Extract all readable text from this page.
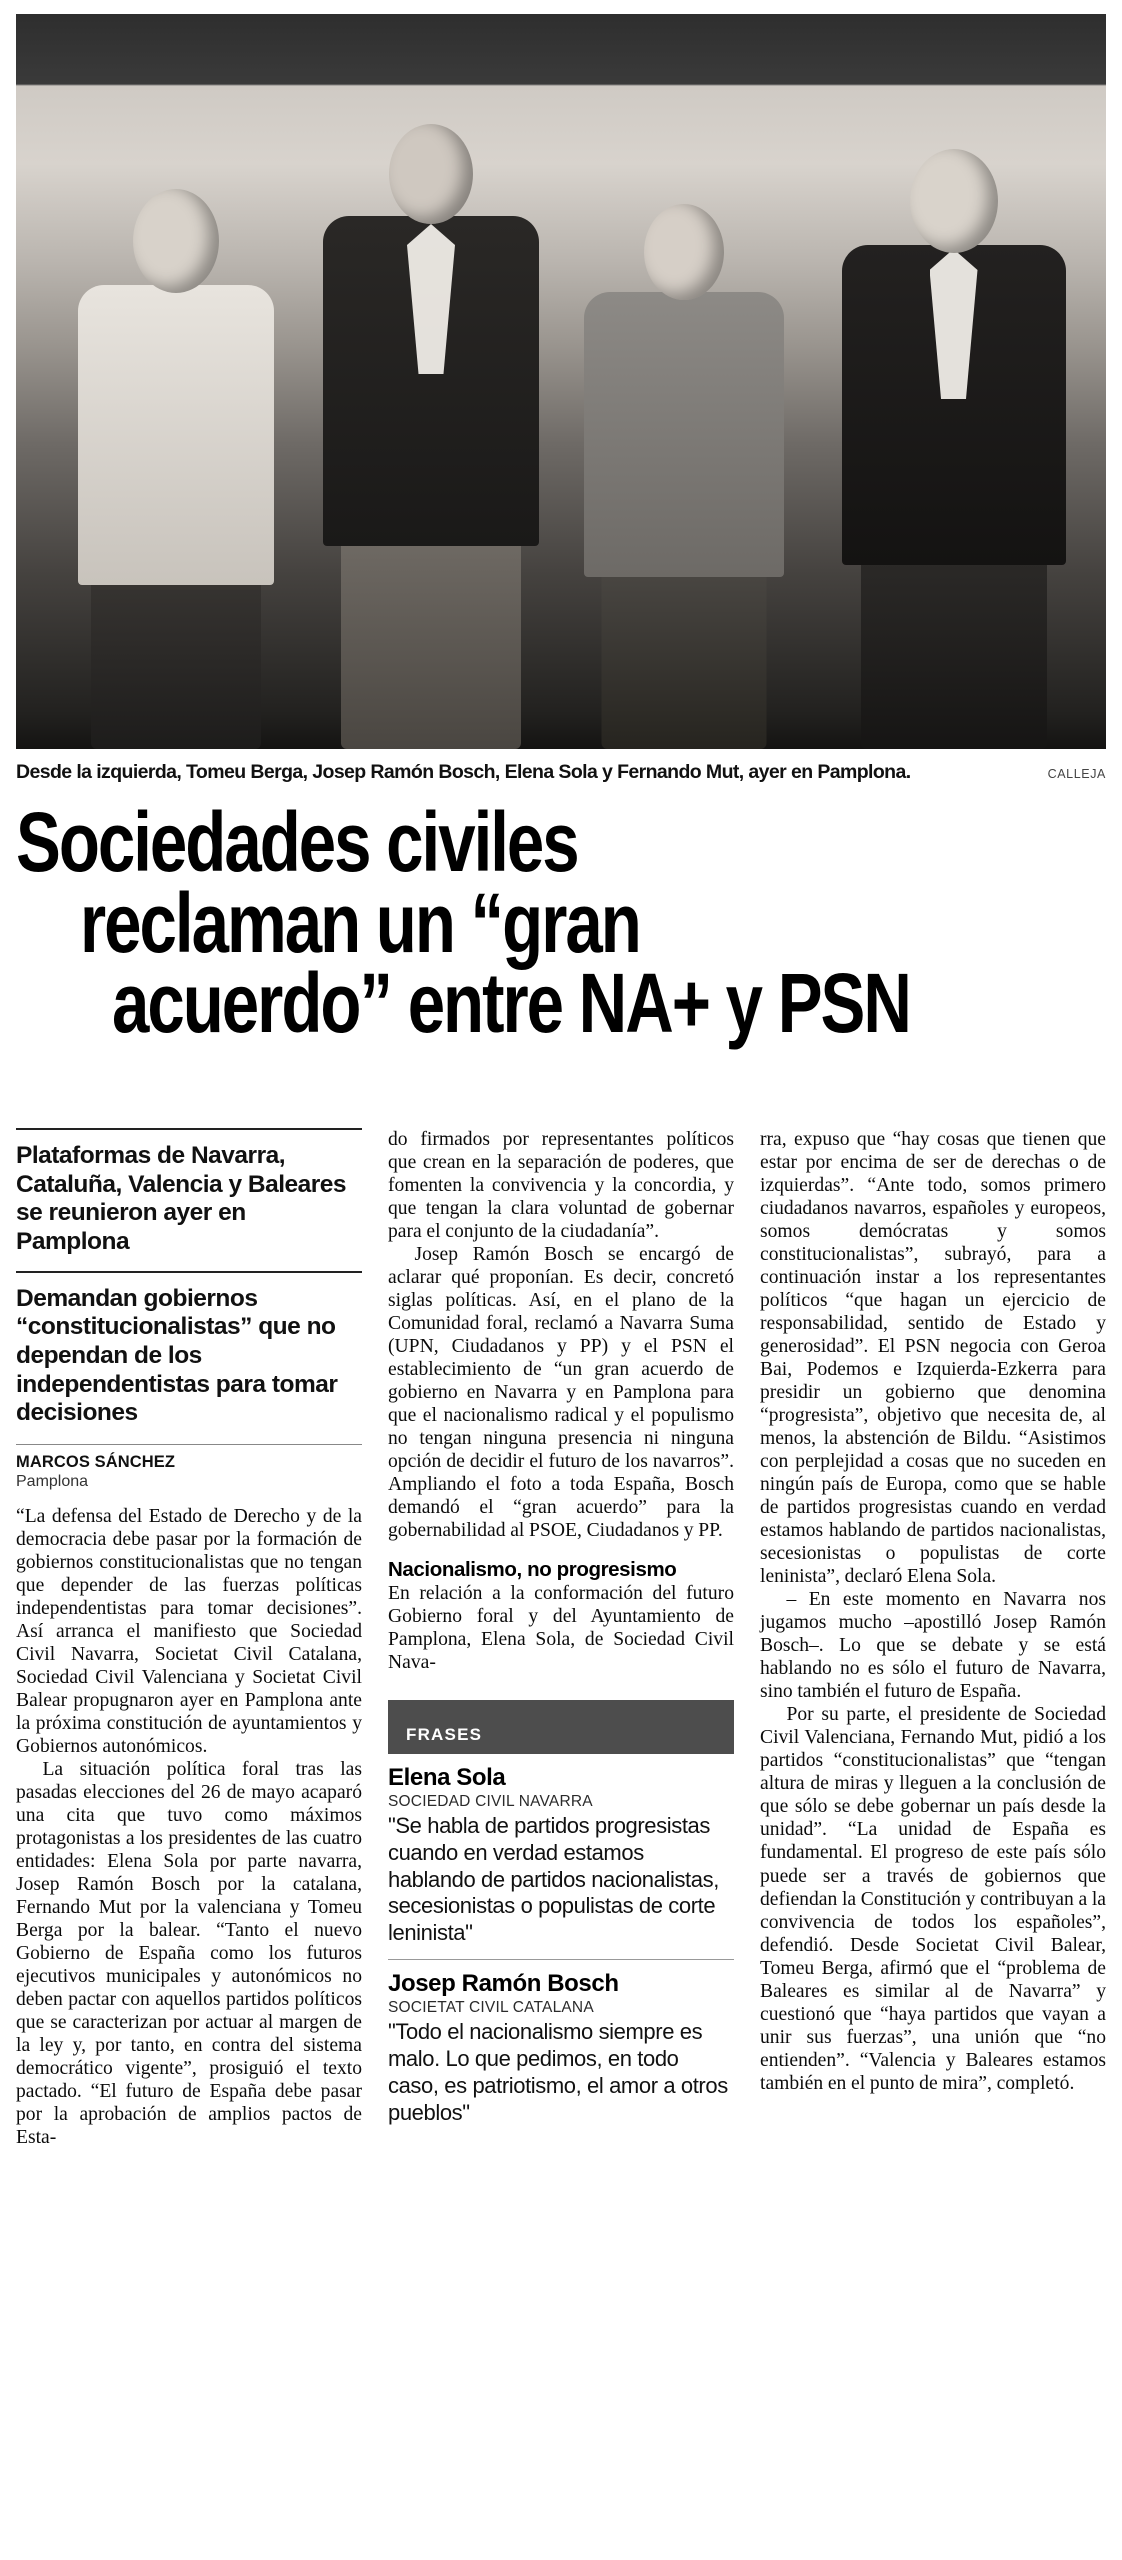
Desde la izquierda, Tomeu Berga, Josep Ramón Bosch, Elena Sola y Fernando Mut, ayer en Pamplona.	CALLEJA
Sociedades civiles
reclaman un “gran
acuerdo” entre NA+ y PSN

Plataformas de Navarra, Cataluña, Valencia y Baleares se reunieron ayer en Pamplona

Demandan gobiernos “constitucionalistas” que no dependan de los independentistas para tomar decisiones

MARCOS SÁNCHEZ

Pamplona

“La defensa del Estado de Derecho y de la democracia debe pasar por la formación de gobiernos constitucionalistas que no tengan que depender de las fuerzas políticas independentistas para tomar decisiones”. Así arranca el manifiesto que Sociedad Civil Navarra, Societat Civil Catalana, Sociedad Civil Valenciana y Societat Civil Balear propugnaron ayer en Pamplona ante la próxima constitución de ayuntamientos y Gobiernos autonómicos.

La situación política foral tras las pasadas elecciones del 26 de mayo acaparó una cita que tuvo como máximos protagonistas a los presidentes de las cuatro entidades: Elena Sola por parte navarra, Josep Ramón Bosch por la catalana, Fernando Mut por la valenciana y Tomeu Berga por la balear. “Tanto el nuevo Gobierno de España como los futuros ejecutivos municipales y autonómicos no deben pactar con aquellos partidos políticos que se caracterizan por actuar al margen de la ley y, por tanto, en contra del sistema democrático vigente”, prosiguió el texto pactado. “El futuro de España debe pasar por la aprobación de amplios pactos de Esta-

do firmados por representantes políticos que crean en la separación de poderes, que fomenten la convivencia y la concordia, y que tengan la clara voluntad de gobernar para el conjunto de la ciudadanía”.

Josep Ramón Bosch se encargó de aclarar qué proponían. Es decir, concretó siglas políticas. Así, en el plano de la Comunidad foral, reclamó a Navarra Suma (UPN, Ciudadanos y PP) y el PSN el establecimiento de “un gran acuerdo de gobierno en Navarra y en Pamplona para que el nacionalismo radical y el populismo no tengan ninguna presencia ni ninguna opción de decidir el futuro de los navarros”. Ampliando el foto a toda España, Bosch demandó el “gran acuerdo” para la gobernabilidad al PSOE, Ciudadanos y PP.

Nacionalismo, no progresismo

En relación a la conformación del futuro Gobierno foral y del Ayuntamiento de Pamplona, Elena Sola, de Sociedad Civil Nava-

FRASES

Elena Sola

SOCIEDAD CIVIL NAVARRA

"Se habla de partidos progresistas cuando en verdad estamos hablando de partidos nacionalistas, secesionistas o populistas de corte leninista"

Josep Ramón Bosch

SOCIETAT CIVIL CATALANA

"Todo el nacionalismo siempre es malo. Lo que pedimos, en todo caso, es patriotismo, el amor a otros pueblos"

rra, expuso que “hay cosas que tienen que estar por encima de ser de derechas o de izquierdas”. “Ante todo, somos primero ciudadanos navarros, españoles y europeos, somos demócratas y somos constitucionalistas”, subrayó, para a continuación instar a los representantes políticos “que hagan un ejercicio de responsabilidad, sentido de Estado y generosidad”. El PSN negocia con Geroa Bai, Podemos e Izquierda-Ezkerra para presidir un gobierno que denomina “progresista”, objetivo que necesita de, al menos, la abstención de Bildu. “Asistimos con perplejidad a cosas que no suceden en ningún país de Europa, como que se hable de partidos progresistas cuando en verdad estamos hablando de partidos nacionalistas, secesionistas o populistas de corte leninista”, declaró Elena Sola.

– En este momento en Navarra nos jugamos mucho –apostilló Josep Ramón Bosch–. Lo que se debate y se está hablando no es sólo el futuro de Navarra, sino también el futuro de España.

Por su parte, el presidente de Sociedad Civil Valenciana, Fernando Mut, pidió a los partidos “constitucionalistas” que “tengan altura de miras y lleguen a la conclusión de que sólo se debe gobernar un país desde la unidad”. “La unidad de España es fundamental. El progreso de este país sólo puede ser a través de gobiernos que defiendan la Constitución y contribuyan a la convivencia de todos los españoles”, defendió. Desde Societat Civil Balear, Tomeu Berga, afirmó que el “problema de Baleares es similar al de Navarra” y cuestionó que “haya partidos que vayan a unir sus fuerzas”, una unión que “no entienden”. “Valencia y Baleares estamos también en el punto de mira”, completó.
